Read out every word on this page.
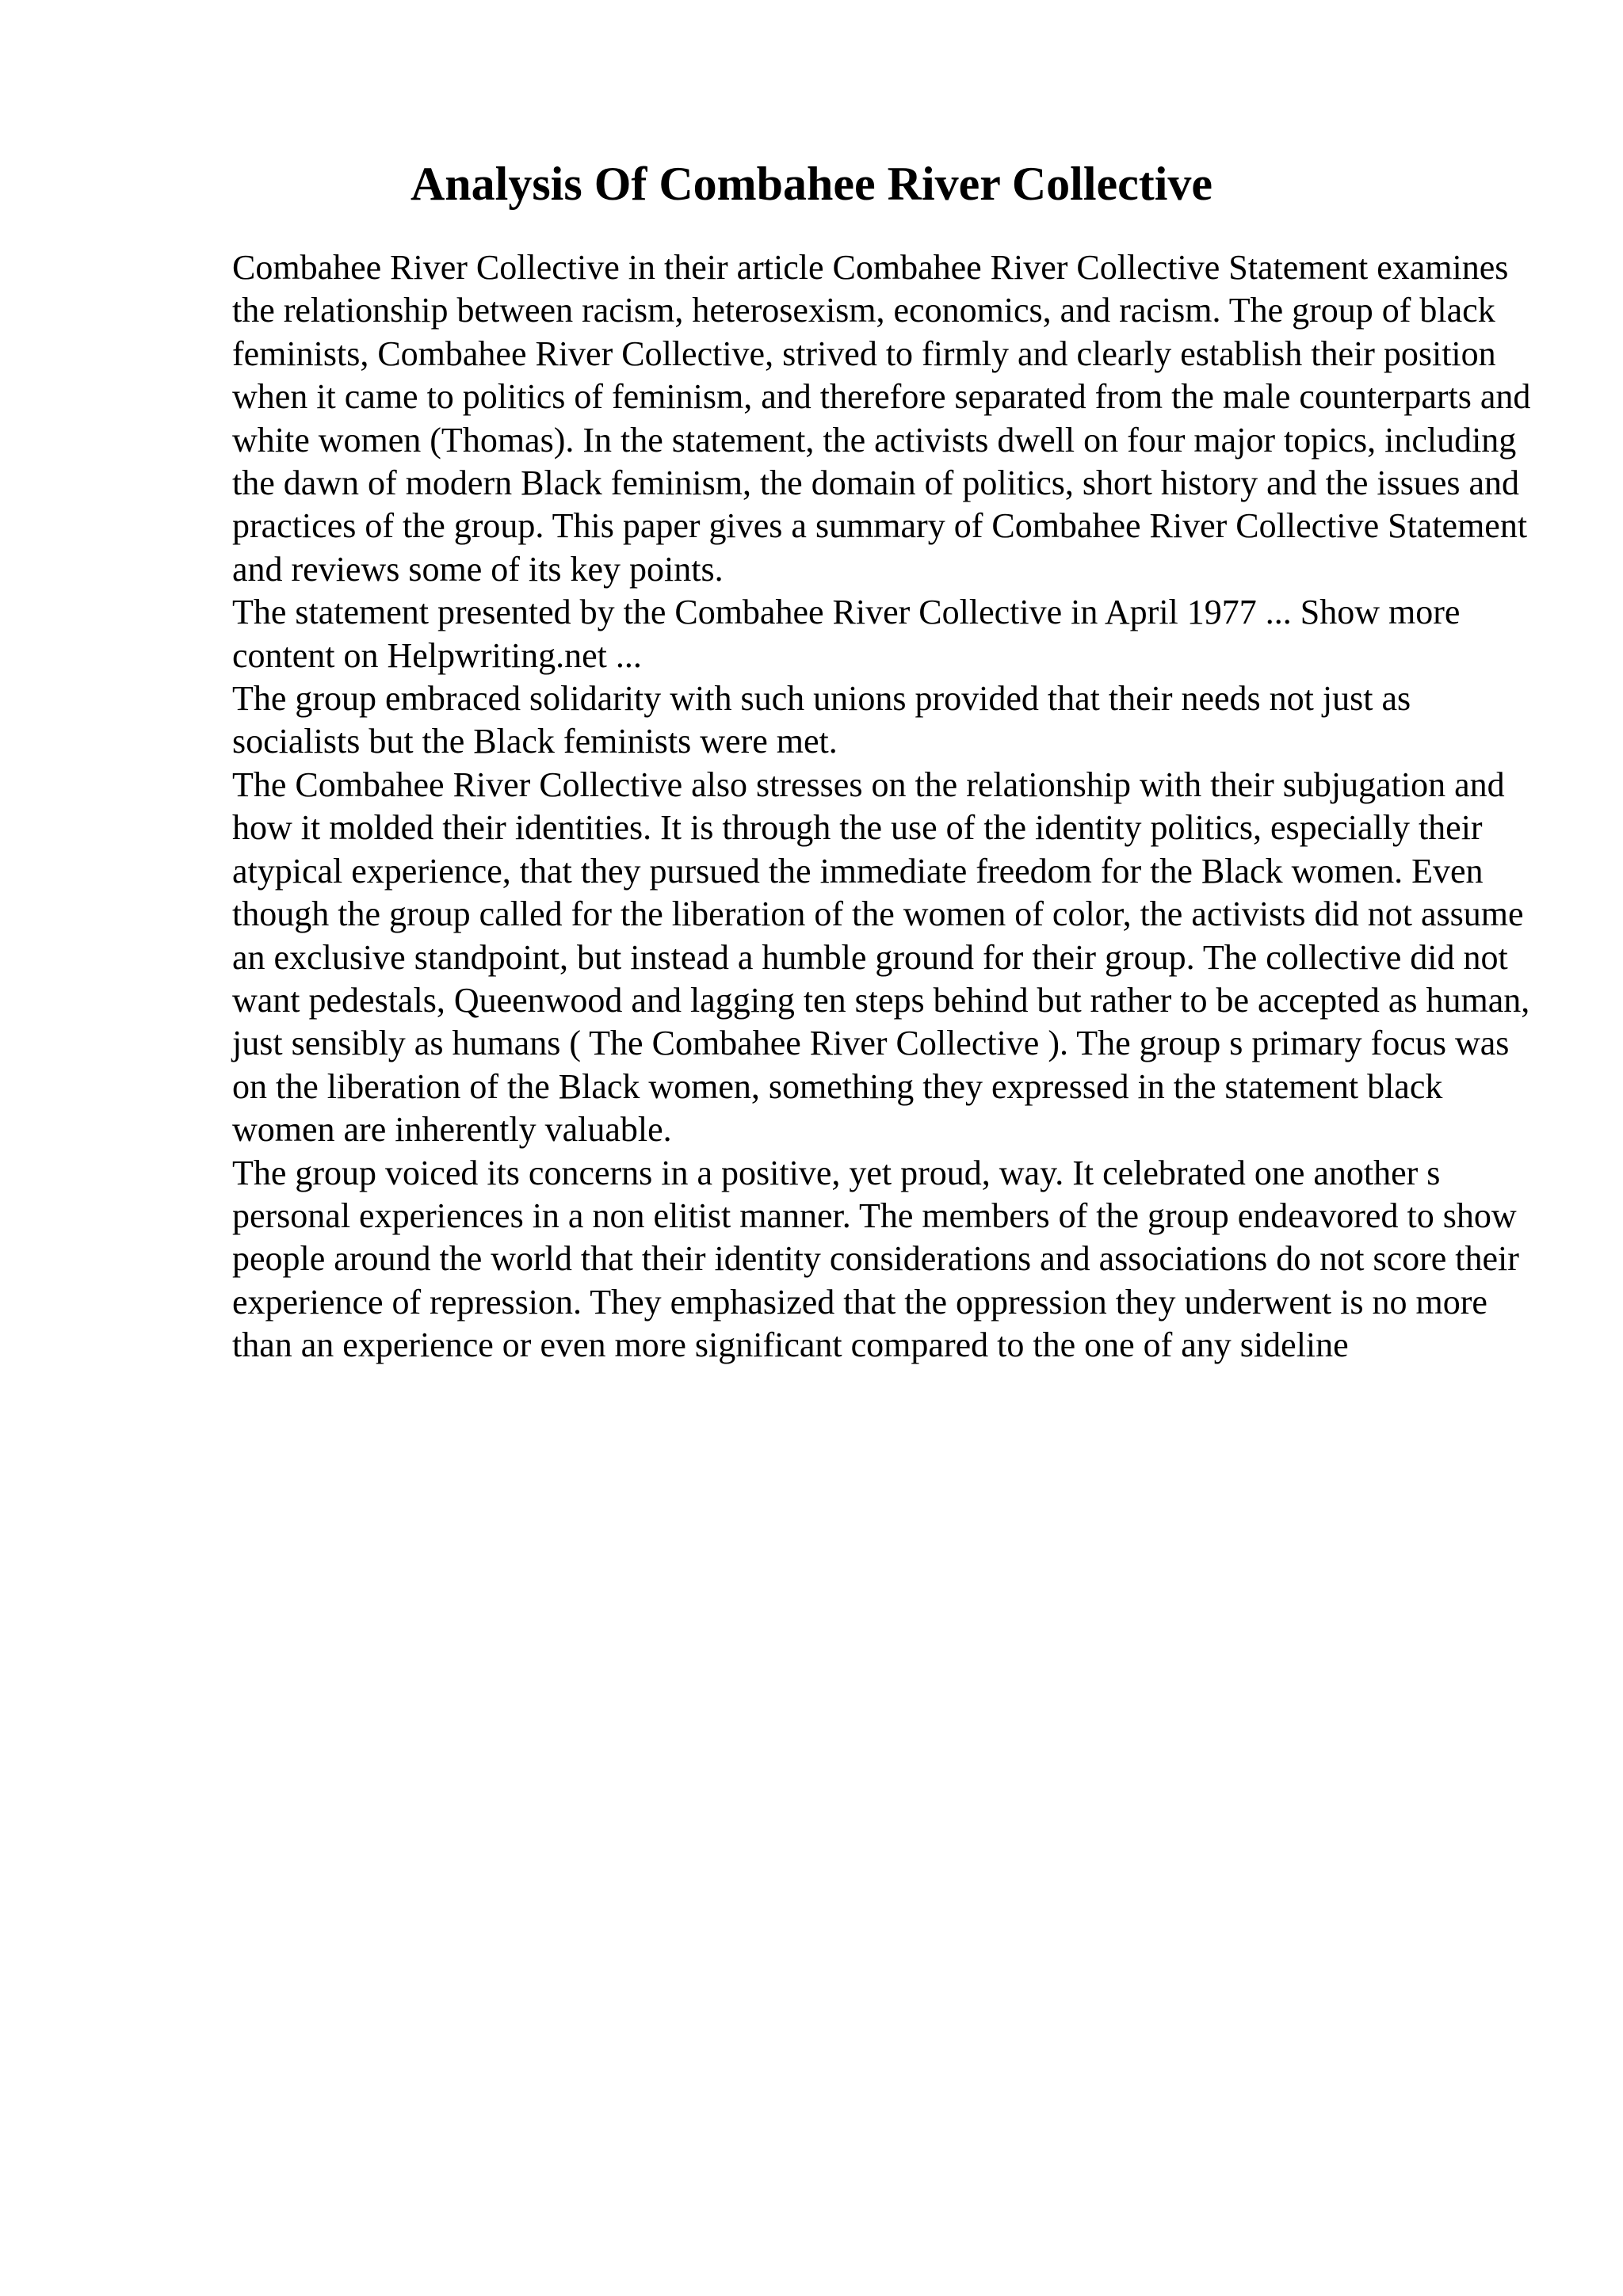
Analysis Of Combahee River Collective

Combahee River Collective in their article Combahee River Collective Statement examines the relationship between racism, heterosexism, economics, and racism. The group of black feminists, Combahee River Collective, strived to firmly and clearly establish their position when it came to politics of feminism, and therefore separated from the male counterparts and white women (Thomas). In the statement, the activists dwell on four major topics, including the dawn of modern Black feminism, the domain of politics, short history and the issues and practices of the group. This paper gives a summary of Combahee River Collective Statement and reviews some of its key points.

The statement presented by the Combahee River Collective in April 1977 ... Show more content on Helpwriting.net ...

The group embraced solidarity with such unions provided that their needs not just as socialists but the Black feminists were met.

The Combahee River Collective also stresses on the relationship with their subjugation and how it molded their identities. It is through the use of the identity politics, especially their atypical experience, that they pursued the immediate freedom for the Black women. Even though the group called for the liberation of the women of color, the activists did not assume an exclusive standpoint, but instead a humble ground for their group. The collective did not want pedestals, Queenwood and lagging ten steps behind but rather to be accepted as human, just sensibly as humans ( The Combahee River Collective ). The group s primary focus was on the liberation of the Black women, something they expressed in the statement black women are inherently valuable.

The group voiced its concerns in a positive, yet proud, way. It celebrated one another s personal experiences in a non elitist manner. The members of the group endeavored to show people around the world that their identity considerations and associations do not score their experience of repression. They emphasized that the oppression they underwent is no more than an experience or even more significant compared to the one of any sideline
